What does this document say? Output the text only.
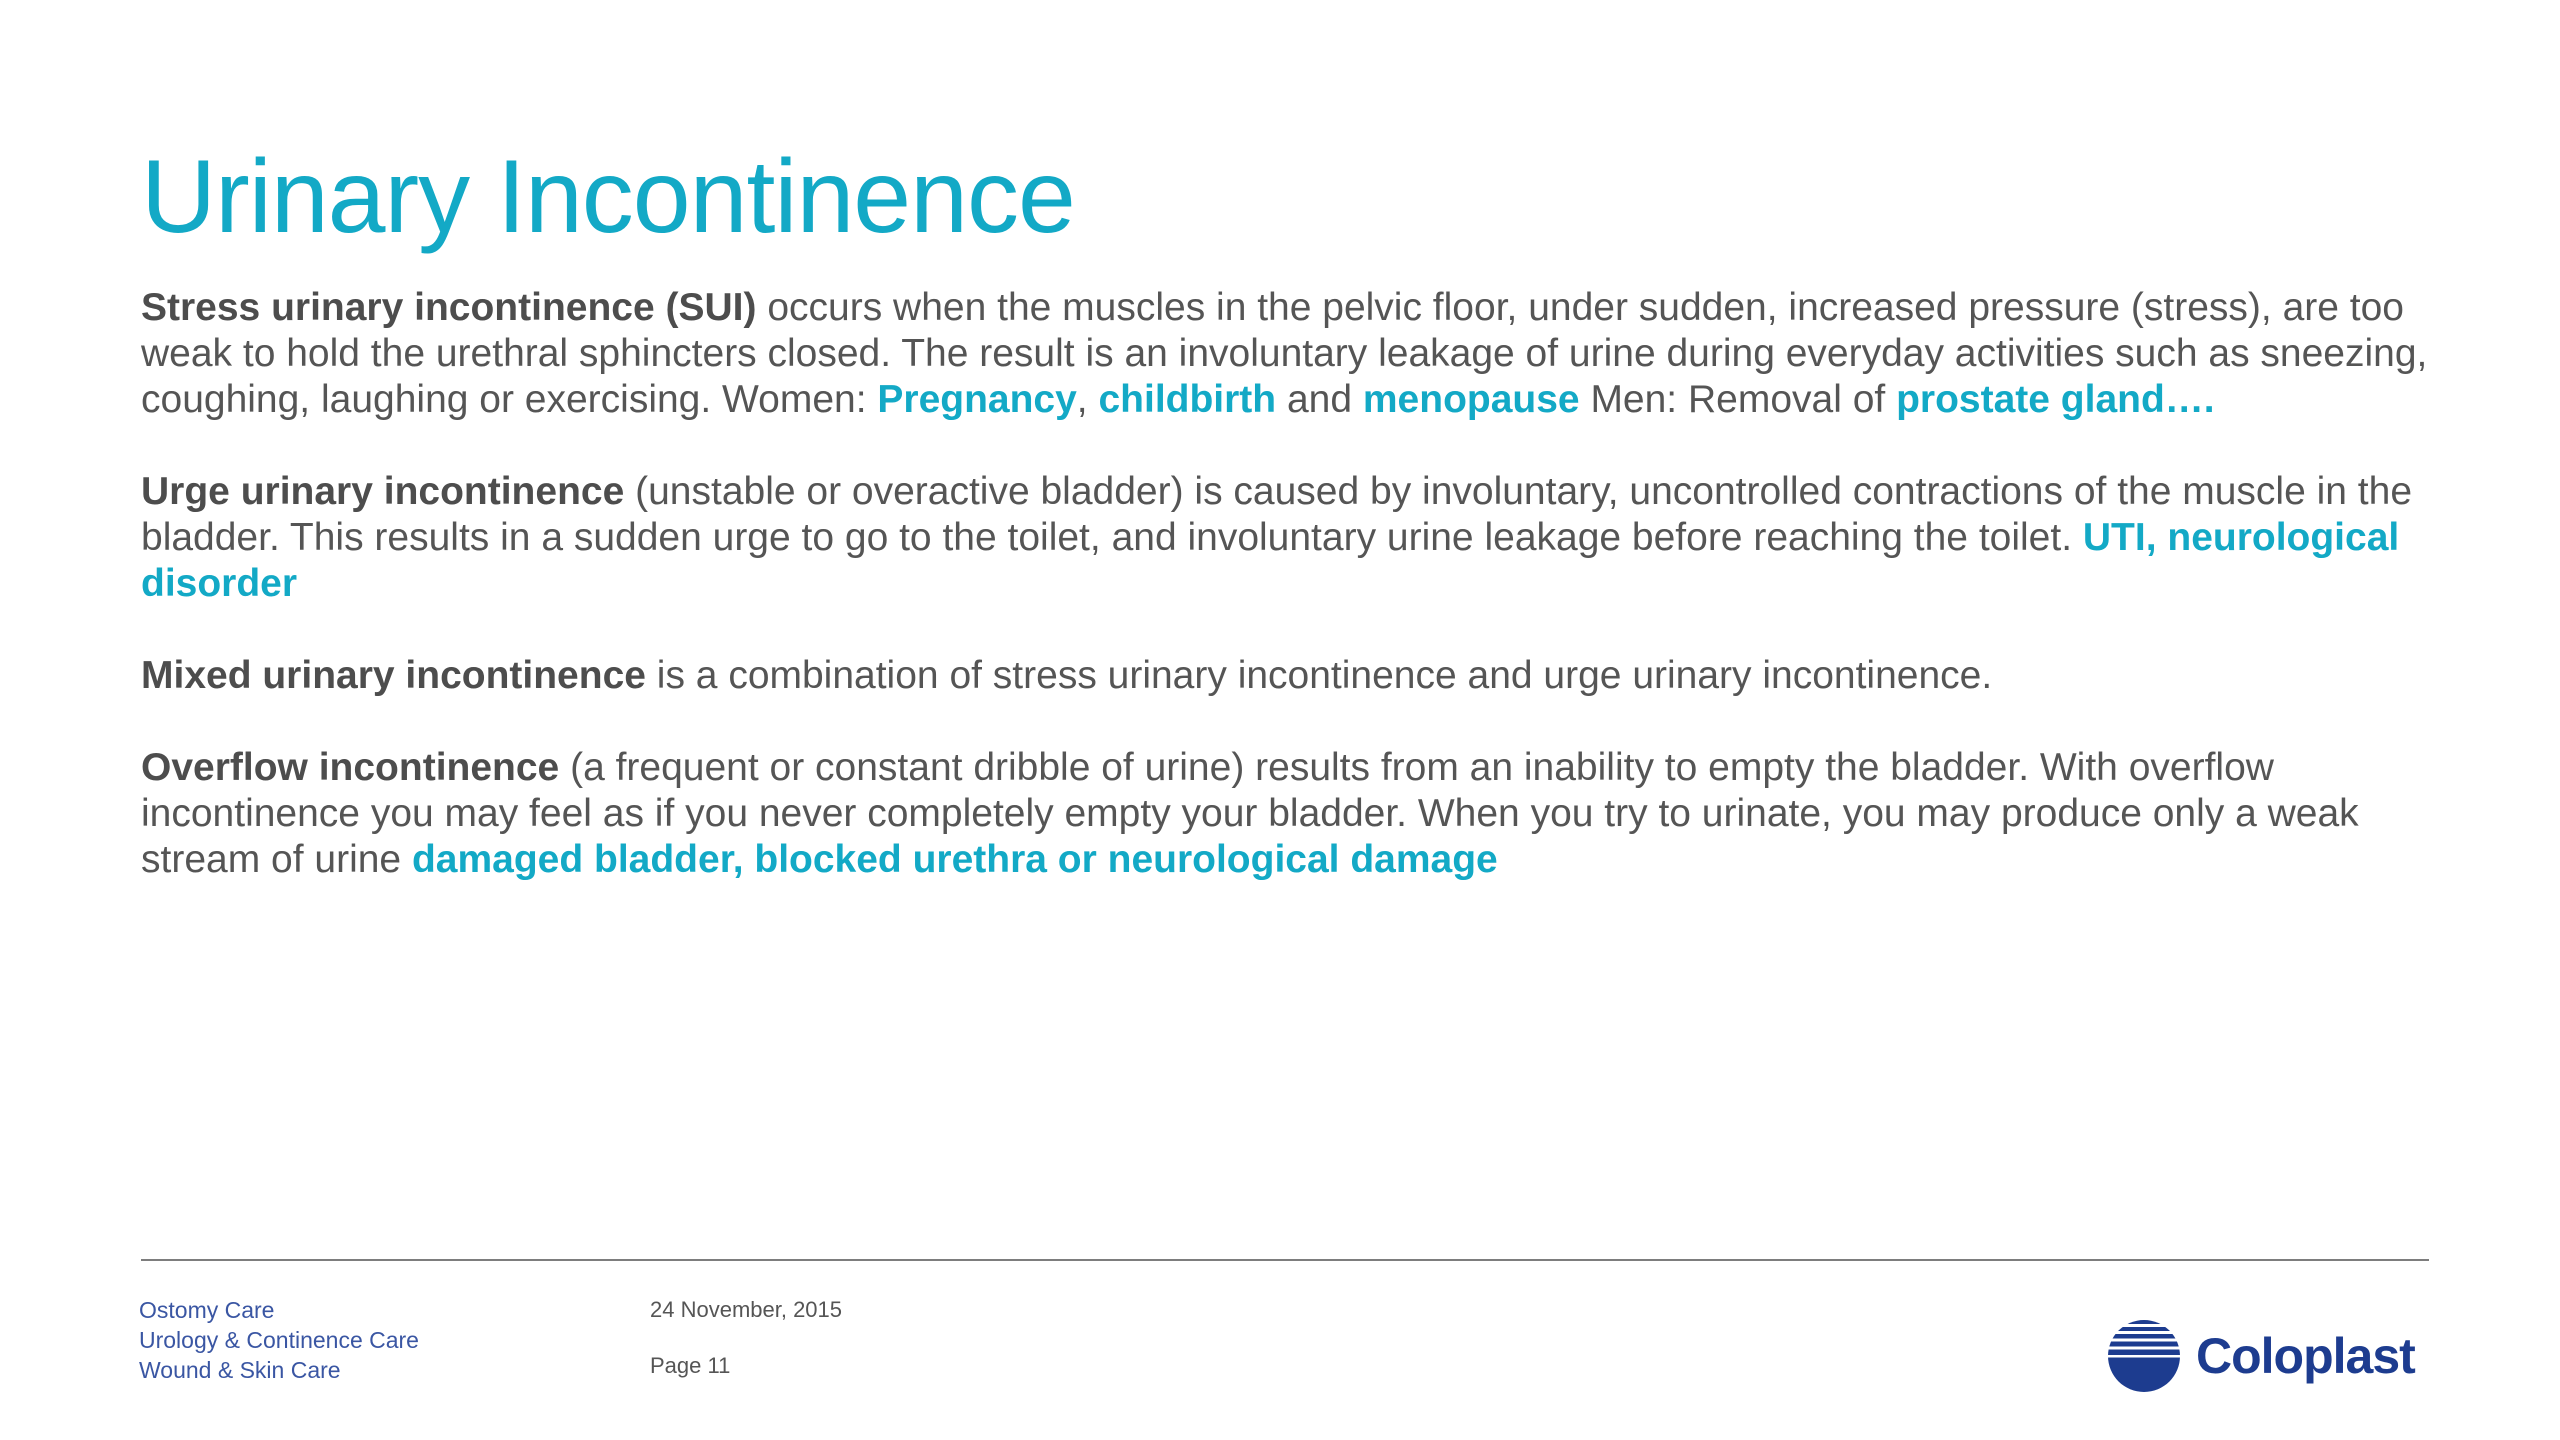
Urinary Incontinence

Stress urinary incontinence (SUI) occurs when the muscles in the pelvic floor, under sudden, increased pressure (stress), are too weak to hold the urethral sphincters closed. The result is an involuntary leakage of urine during everyday activities such as sneezing, coughing, laughing or exercising. Women: Pregnancy, childbirth and menopause Men: Removal of prostate gland….

Urge urinary incontinence (unstable or overactive bladder) is caused by involuntary, uncontrolled contractions of the muscle in the bladder. This results in a sudden urge to go to the toilet, and involuntary urine leakage before reaching the toilet. UTI, neurological disorder

Mixed urinary incontinence is a combination of stress urinary incontinence and urge urinary incontinence.

Overflow incontinence (a frequent or constant dribble of urine) results from an inability to empty the bladder. With overflow incontinence you may feel as if you never completely empty your bladder. When you try to urinate, you may produce only a weak stream of urine damaged bladder, blocked urethra or neurological damage

Ostomy Care
Urology & Continence Care
Wound & Skin Care
24 November, 2015
Page 11	Coloplast
